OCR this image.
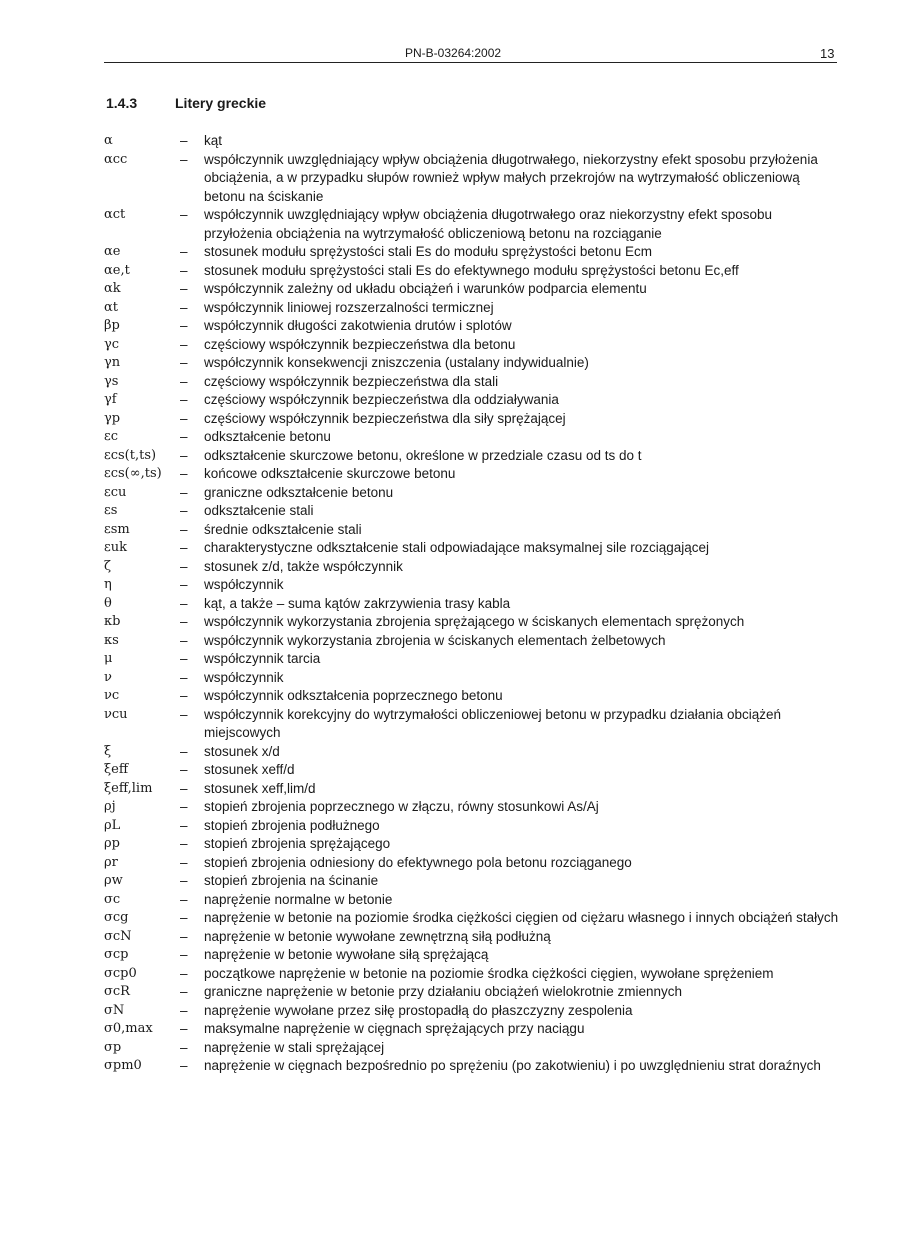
PN-B-03264:2002	13
1.4.3	Litery greckie
α	–	kąt
αcc	–	współczynnik uwzględniający wpływ obciążenia długotrwałego, niekorzystny efekt sposobu przyłożenia obciążenia, a w przypadku słupów rownież wpływ małych przekrojów na wytrzymałość obliczeniową betonu na ściskanie
αct	–	współczynnik uwzględniający wpływ obciążenia długotrwałego oraz niekorzystny efekt sposobu przyłożenia obciążenia na wytrzymałość obliczeniową betonu na rozciąganie
αe	–	stosunek modułu sprężystości stali Es do modułu sprężystości betonu Ecm
αe,t	–	stosunek modułu sprężystości stali Es do efektywnego modułu sprężystości betonu Ec,eff
αk	–	współczynnik zależny od układu obciążeń i warunków podparcia elementu
αt	–	współczynnik liniowej rozszerzalności termicznej
βp	–	współczynnik długości zakotwienia drutów i splotów
γc	–	częściowy współczynnik bezpieczeństwa dla betonu
γn	–	współczynnik konsekwencji zniszczenia (ustalany indywidualnie)
γs	–	częściowy współczynnik bezpieczeństwa dla stali
γf	–	częściowy współczynnik bezpieczeństwa dla oddziaływania
γp	–	częściowy współczynnik bezpieczeństwa dla siły sprężającej
εc	–	odkształcenie betonu
εcs(t,ts)	–	odkształcenie skurczowe betonu, określone w przedziale czasu od ts do t
εcs(∞,ts)	–	końcowe odkształcenie skurczowe betonu
εcu	–	graniczne odkształcenie betonu
εs	–	odkształcenie stali
εsm	–	średnie odkształcenie stali
εuk	–	charakterystyczne odkształcenie stali odpowiadające maksymalnej sile rozciągającej
ζ	–	stosunek z/d, także współczynnik
η	–	współczynnik
θ	–	kąt, a także – suma kątów zakrzywienia trasy kabla
κb	–	współczynnik wykorzystania zbrojenia sprężającego w ściskanych elementach sprężonych
κs	–	współczynnik wykorzystania zbrojenia w ściskanych elementach żelbetowych
μ	–	współczynnik tarcia
ν	–	współczynnik
νc	–	współczynnik odkształcenia poprzecznego betonu
νcu	–	współczynnik korekcyjny do wytrzymałości obliczeniowej betonu w przypadku działania obciążeń miejscowych
ξ	–	stosunek x/d
ξeff	–	stosunek xeff/d
ξeff,lim	–	stosunek xeff,lim/d
ρj	–	stopień zbrojenia poprzecznego w złączu, równy stosunkowi As/Aj
ρL	–	stopień zbrojenia podłużnego
ρp	–	stopień zbrojenia sprężającego
ρr	–	stopień zbrojenia odniesiony do efektywnego pola betonu rozciąganego
ρw	–	stopień zbrojenia na ścinanie
σc	–	naprężenie normalne w betonie
σcg	–	naprężenie w betonie na poziomie środka ciężkości cięgien od ciężaru własnego i innych obciążeń stałych
σcN	–	naprężenie w betonie wywołane zewnętrzną siłą podłużną
σcp	–	naprężenie w betonie wywołane siłą sprężającą
σcp0	–	początkowe naprężenie w betonie na poziomie środka ciężkości cięgien, wywołane sprężeniem
σcR	–	graniczne naprężenie w betonie przy działaniu obciążeń wielokrotnie zmiennych
σN	–	naprężenie wywołane przez siłę prostopadłą do płaszczyzny zespolenia
σ0,max	–	maksymalne naprężenie w cięgnach sprężających przy naciągu
σp	–	naprężenie w stali sprężającej
σpm0	–	naprężenie w cięgnach bezpośrednio po sprężeniu (po zakotwieniu) i po uwzględnieniu strat doraźnych
